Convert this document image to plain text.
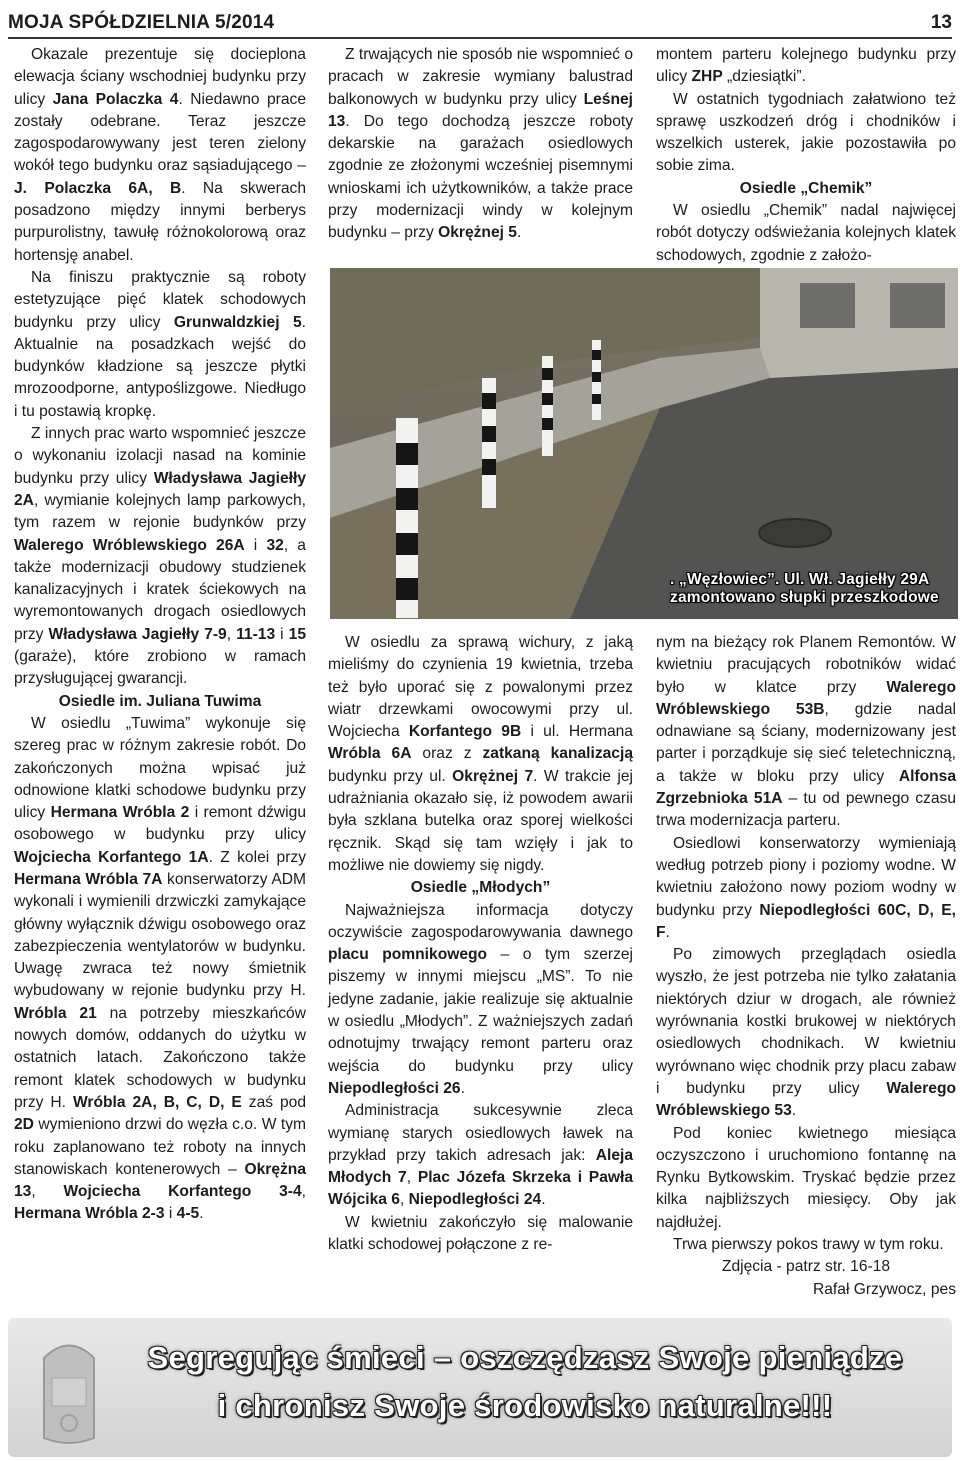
MOJA SPÓŁDZIELNIA 5/2014	13

Okazale prezentuje się docieplona elewacja ściany wschodniej budynku przy ulicy Jana Polaczka 4. Niedawno prace zostały odebrane. Teraz jeszcze zagospodarowywany jest teren zielony wokół tego budynku oraz sąsiadującego – J. Polaczka 6A, B. Na skwerach posadzono między innymi berberys purpurolistny, tawułę różnokolorową oraz hortensję anabel.

Na finiszu praktycznie są roboty estetyzujące pięć klatek schodowych budynku przy ulicy Grunwaldzkiej 5. Aktualnie na posadzkach wejść do budynków kładzione są jeszcze płytki mrozoodporne, antypoślizgowe. Niedługo i tu postawią kropkę.

Z innych prac warto wspomnieć jeszcze o wykonaniu izolacji nasad na kominie budynku przy ulicy Władysława Jagiełły 2A, wymianie kolejnych lamp parkowych, tym razem w rejonie budynków przy Walerego Wróblewskiego 26A i 32, a także modernizacji obudowy studzienek kanalizacyjnych i kratek ściekowych na wyremontowanych drogach osiedlowych przy Władysława Jagiełły 7-9, 11-13 i 15 (garaże), które zrobiono w ramach przysługującej gwarancji.

Osiedle im. Juliana Tuwima

W osiedlu „Tuwima” wykonuje się szereg prac w różnym zakresie robót. Do zakończonych można wpisać już odnowione klatki schodowe budynku przy ulicy Hermana Wróbla 2 i remont dźwigu osobowego w budynku przy ulicy Wojciecha Korfantego 1A. Z kolei przy Hermana Wróbla 7A konserwatorzy ADM wykonali i wymienili drzwiczki zamykające główny wyłącznik dźwigu osobowego oraz zabezpieczenia wentylatorów w budynku. Uwagę zwraca też nowy śmietnik wybudowany w rejonie budynku przy H. Wróbla 21 na potrzeby mieszkańców nowych domów, oddanych do użytku w ostatnich latach. Zakończono także remont klatek schodowych w budynku przy H. Wróbla 2A, B, C, D, E zaś pod 2D wymieniono drzwi do węzła c.o. W tym roku zaplanowano też roboty na innych stanowiskach kontenerowych – Okrężna 13, Wojciecha Korfantego 3-4, Hermana Wróbla 2-3 i 4-5.

Z trwających nie sposób nie wspomnieć o pracach w zakresie wymiany balustrad balkonowych w budynku przy ulicy Leśnej 13. Do tego dochodzą jeszcze roboty dekarskie na garażach osiedlowych zgodnie ze złożonymi wcześniej pisemnymi wnioskami ich użytkowników, a także prace przy modernizacji windy w kolejnym budynku – przy Okrężnej 5.

montem parteru kolejnego budynku przy ulicy ZHP „dziesiątki”.

W ostatnich tygodniach załatwiono też sprawę uszkodzeń dróg i chodników i wszelkich usterek, jakie pozostawiła po sobie zima.

Osiedle „Chemik”

W osiedlu „Chemik” nadal najwięcej robót dotyczy odświeżania kolejnych klatek schodowych, zgodnie z założo-

. „Węzłowiec”. Ul. Wł. Jagiełły 29A zamontowano słupki przeszkodowe

W osiedlu za sprawą wichury, z jaką mieliśmy do czynienia 19 kwietnia, trzeba też było uporać się z powalonymi przez wiatr drzewkami owocowymi przy ul. Wojciecha Korfantego 9B i ul. Hermana Wróbla 6A oraz z zatkaną kanalizacją budynku przy ul. Okrężnej 7. W trakcie jej udrażniania okazało się, iż powodem awarii była szklana butelka oraz sporej wielkości ręcznik. Skąd się tam wzięły i jak to możliwe nie dowiemy się nigdy.

Osiedle „Młodych”

Najważniejsza informacja dotyczy oczywiście zagospodarowywania dawnego placu pomnikowego – o tym szerzej piszemy w innymi miejscu „MS”. To nie jedyne zadanie, jakie realizuje się aktualnie w osiedlu „Młodych”. Z ważniejszych zadań odnotujmy trwający remont parteru oraz wejścia do budynku przy ulicy Niepodległości 26.

Administracja sukcesywnie zleca wymianę starych osiedlowych ławek na przykład przy takich adresach jak: Aleja Młodych 7, Plac Józefa Skrzeka i Pawła Wójcika 6, Niepodległości 24.

W kwietniu zakończyło się malowanie klatki schodowej połączone z re-

nym na bieżący rok Planem Remontów. W kwietniu pracujących robotników widać było w klatce przy Walerego Wróblewskiego 53B, gdzie nadal odnawiane są ściany, modernizowany jest parter i porządkuje się sieć teletechniczną, a także w bloku przy ulicy Alfonsa Zgrzebnioka 51A – tu od pewnego czasu trwa modernizacja parteru.

Osiedlowi konserwatorzy wymieniają według potrzeb piony i poziomy wodne. W kwietniu założono nowy poziom wodny w budynku przy Niepodległości 60C, D, E, F.

Po zimowych przeglądach osiedla wyszło, że jest potrzeba nie tylko załatania niektórych dziur w drogach, ale również wyrównania kostki brukowej w niektórych osiedlowych chodnikach. W kwietniu wyrównano więc chodnik przy placu zabaw i budynku przy ulicy Walerego Wróblewskiego 53.

Pod koniec kwietnego miesiąca oczyszczono i uruchomiono fontannę na Rynku Bytkowskim. Tryskać będzie przez kilka najbliższych miesięcy. Oby jak najdłużej.

Trwa pierwszy pokos trawy w tym roku.

Zdjęcia - patrz str. 16-18

Rafał Grzywocz, pes

Segregując śmieci – oszczędzasz Swoje pieniądze
i chronisz Swoje środowisko naturalne!!!
